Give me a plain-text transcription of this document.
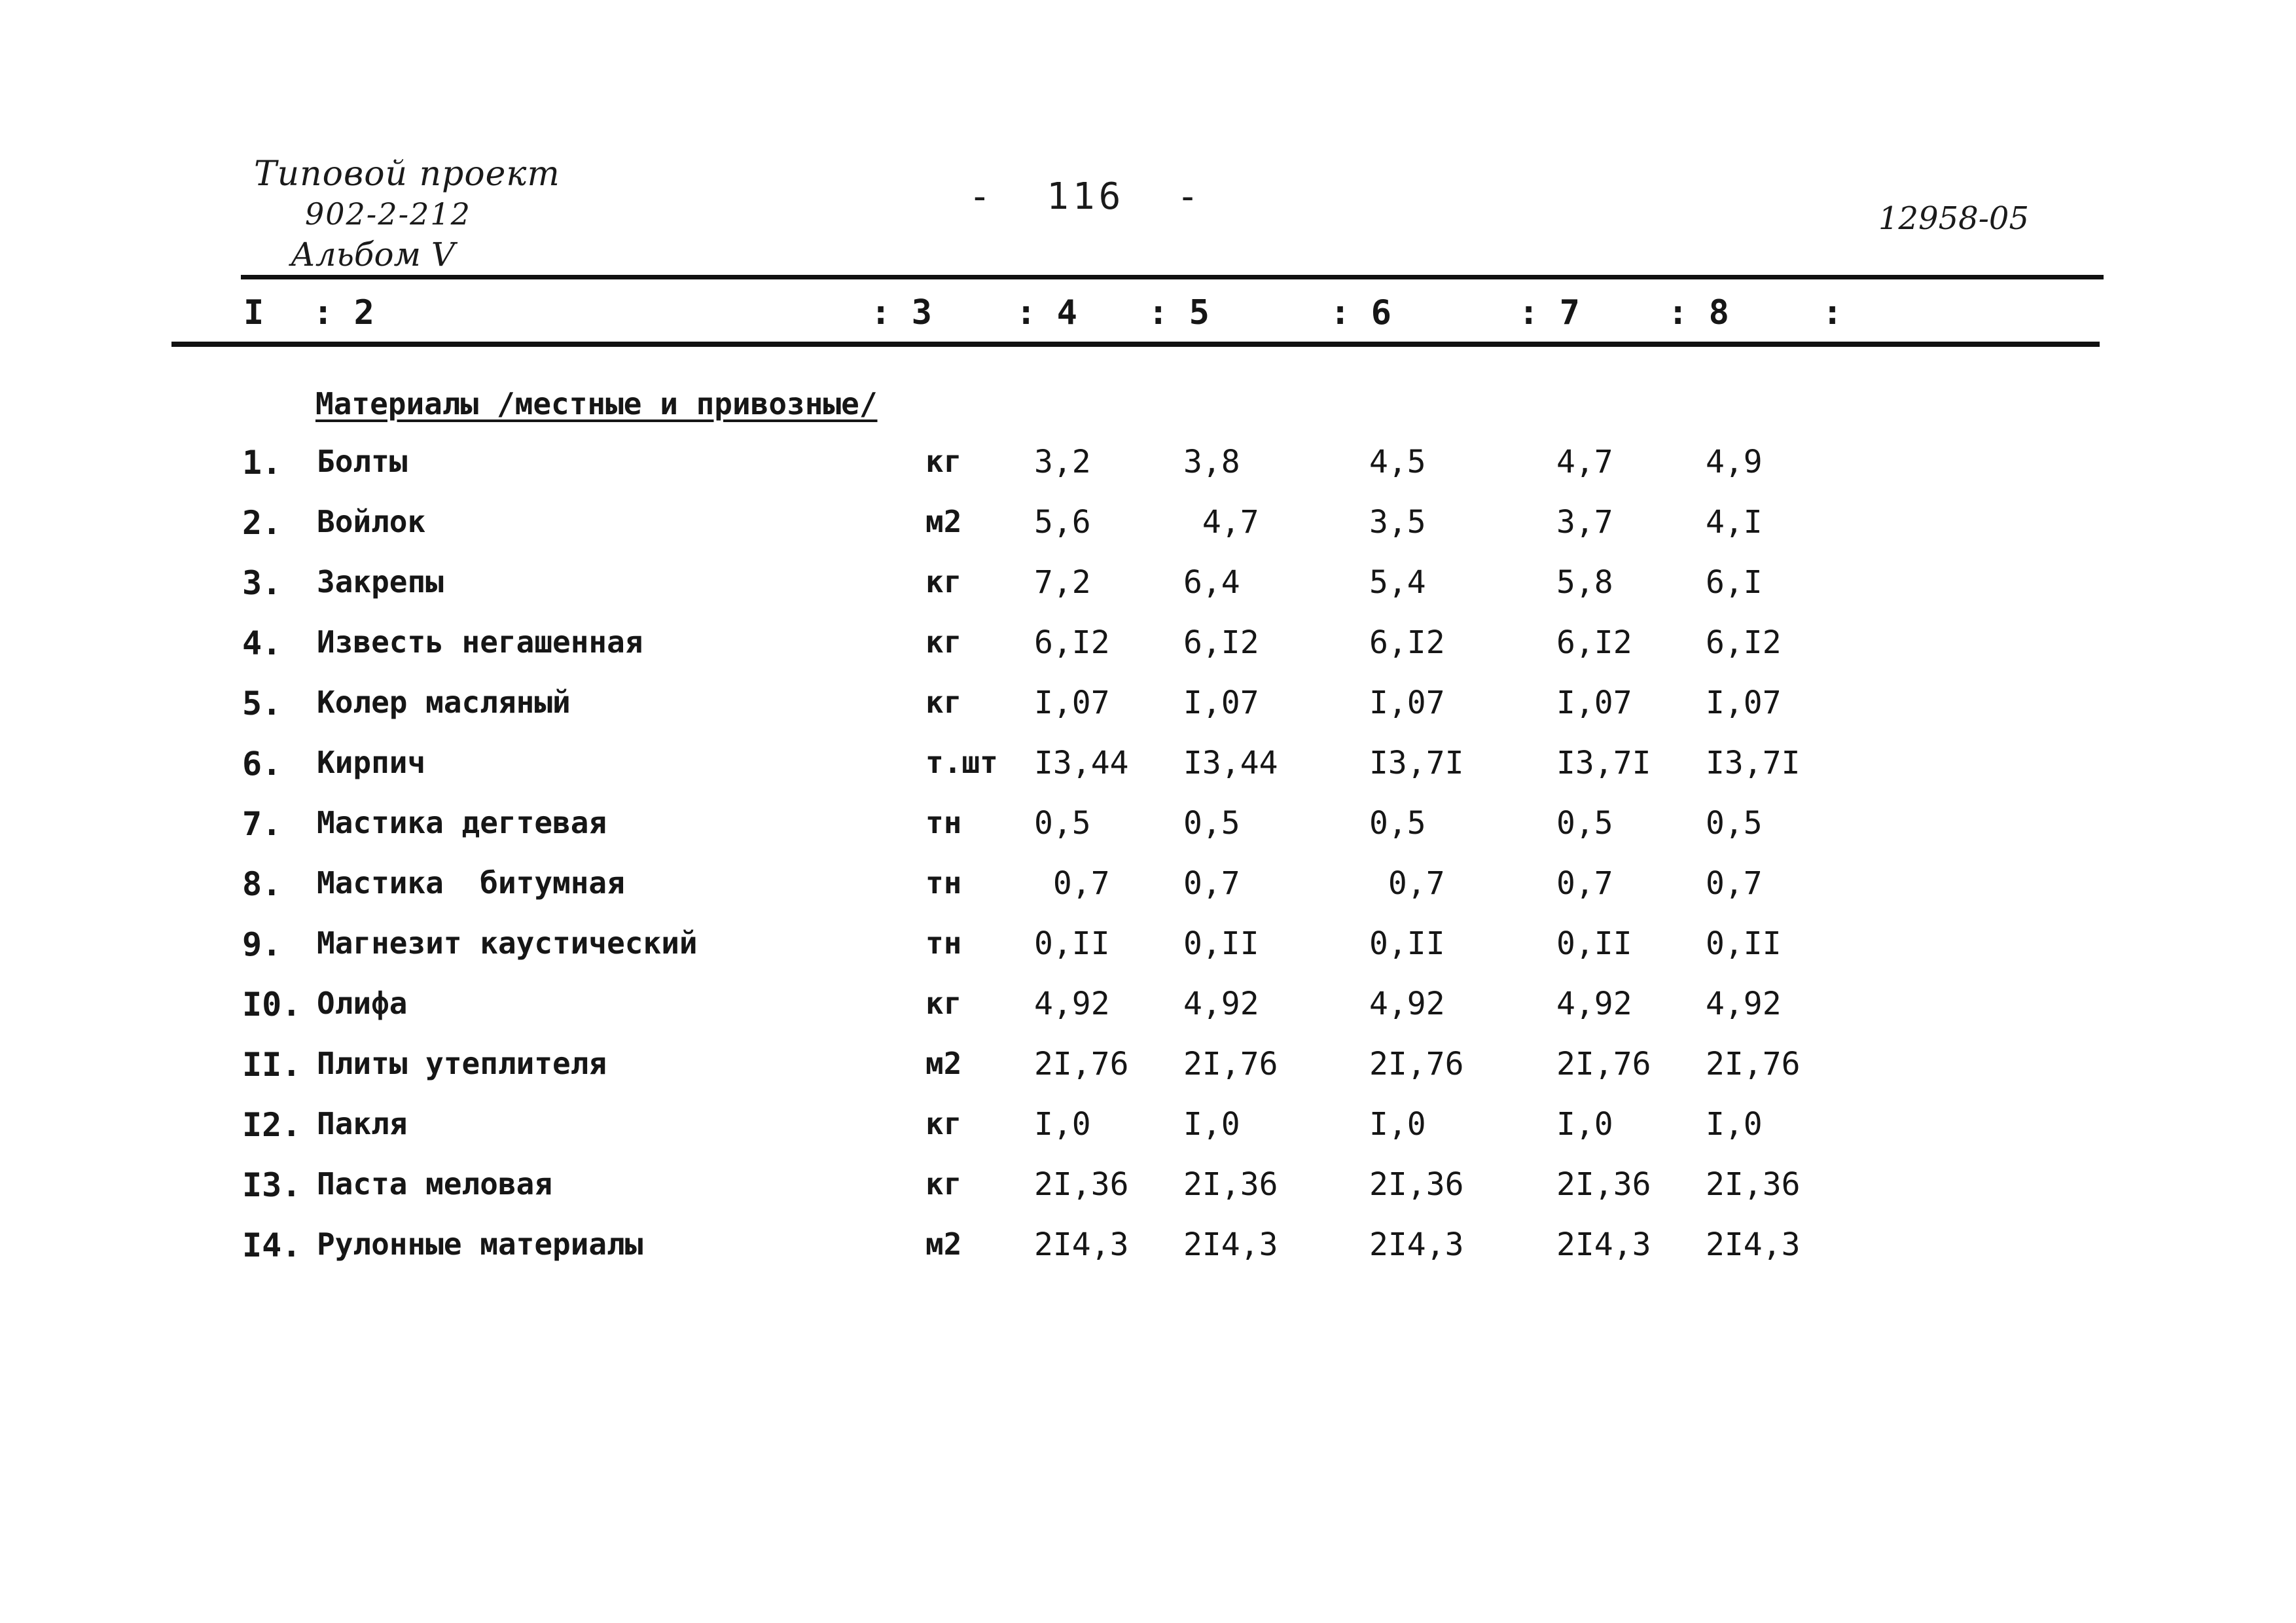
Типовой проект
902-2-212
Альбом V
-  116  -
12958-05
I : 2	: 3 : 4 : 5	: 6	: 7	: 8	:
Материалы /местные и привозные/
1. Болты	кг 3,2	3,8	4,5	4,7	4,9
2. Войлок	м2 5,6	4,7	3,5	3,7	4,I
3. Закрепы	кг 7,2	6,4	5,4	5,8	6,I
4. Известь негашенная	кг 6,I2 6,I2	6,I2	6,I2 6,I2
5. Колер масляный	кг I,07 I,07	I,07	I,07 I,07
6. Кирпич	т.шт I3,44 I3,44	I3,7I	I3,7I I3,7I
7. Мастика дегтевая	тн 0,5	0,5	0,5	0,5	0,5
8. Мастика  битумная	тн 0,7 0,7	0,7	0,7	0,7
9. Магнезит каустический	тн 0,II 0,II	0,II	0,II 0,II
I0. Олифа	кг 4,92 4,92	4,92	4,92 4,92
II. Плиты утеплителя	м2 2I,76 2I,76	2I,76	2I,76 2I,76
I2. Пакля	кг I,0	I,0	I,0	I,0	I,0
I3. Паста меловая	кг 2I,36 2I,36	2I,36	2I,36 2I,36
I4. Рулонные материалы	м2 2I4,3 2I4,3	2I4,3	2I4,3 2I4,3
